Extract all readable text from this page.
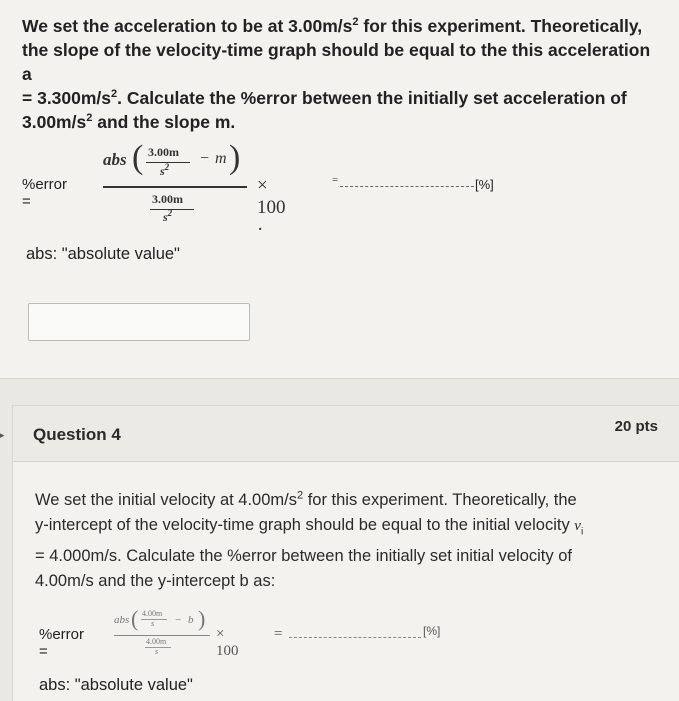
We set the acceleration to be at $3.00m/s^2$ for this experiment. Theoretically,
the slope of the velocity-time graph should be equal to the this acceleration a
= $3.300m/s^2$. Calculate the %error between the initially set acceleration of
$3.00m/s^2$ and the slope m.
%error =
abs ( 3.00m
$s^2 - m$ )
3.00m
$s^2$
× 100 ·
=	[%]
abs: "absolute value"
▸ Question 4	20 pts
We set the initial velocity at $4.00m/s^2$ for this experiment. Theoretically, the
y-intercept of the velocity-time graph should be equal to the initial velocity $v_i$
= 4.000m/s. Calculate the %error between the initially set initial velocity of
4.00m/s and the y-intercept b as:
%error =
abs ( 4.00m
s − b )
4.00m
s
× 100
=	[%]
abs: "absolute value"
